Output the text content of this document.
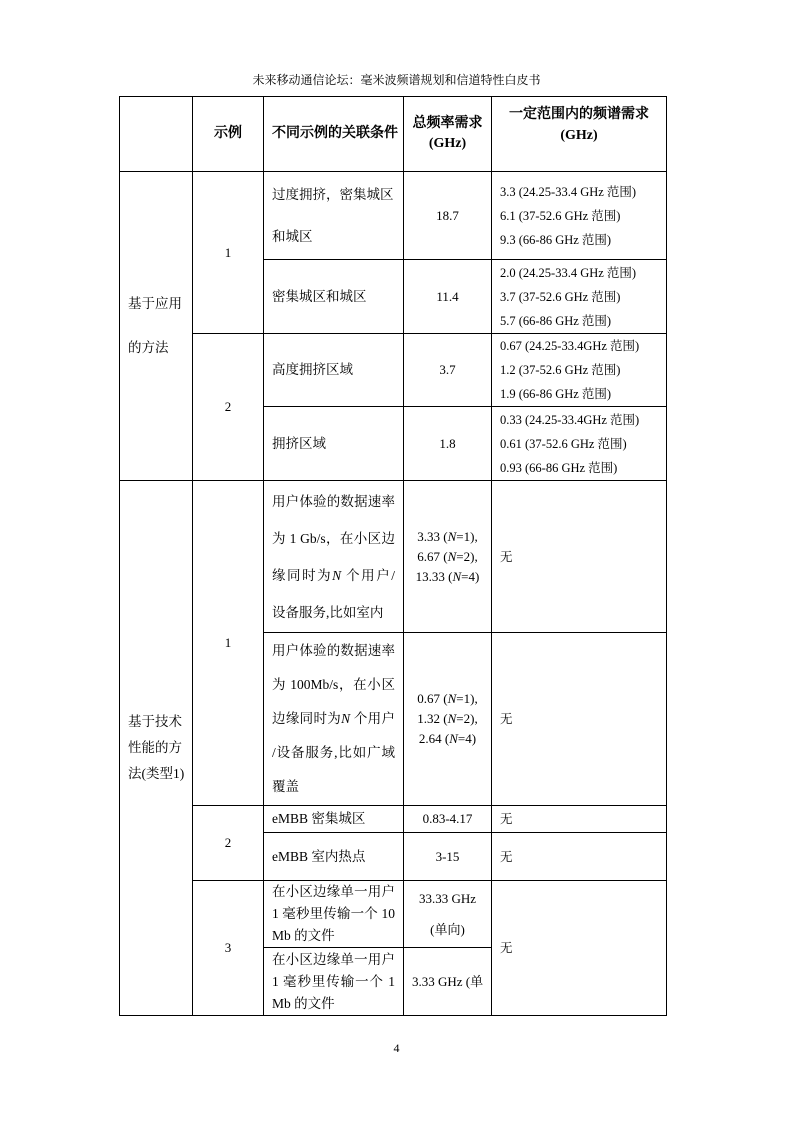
未来移动通信论坛：毫米波频谱规划和信道特性白皮书

	示例	不同示例的关联条件	总频率需求
(GHz)	一定范围内的频谱需求
(GHz)

基于应用
的方法	1	过度拥挤，密集城区
和城区	18.7	3.3 (24.25-33.4 GHz 范围)
6.1 (37-52.6 GHz 范围)
9.3 (66-86 GHz 范围)

		密集城区和城区	11.4	2.0 (24.25-33.4 GHz 范围)
3.7 (37-52.6 GHz 范围)
5.7 (66-86 GHz 范围)

	2	高度拥挤区域	3.7	0.67 (24.25-33.4GHz 范围)
1.2 (37-52.6 GHz 范围)
1.9 (66-86 GHz 范围)

		拥挤区域	1.8	0.33 (24.25-33.4GHz 范围)
0.61 (37-52.6 GHz 范围)
0.93 (66-86 GHz 范围)

基于技术
性能的方
法(类型1)	1	用户体验的数据速率
为 1 Gb/s，在小区边
缘同时为N 个用户/
设备服务,比如室内	3.33 (N=1),
6.67 (N=2),
13.33 (N=4)	无

		用户体验的数据速率
为 100Mb/s，在小区
边缘同时为N 个用户
/设备服务,比如广域
覆盖	0.67 (N=1),
1.32 (N=2),
2.64 (N=4)	无

	2	eMBB 密集城区	0.83-4.17	无

		eMBB 室内热点	3-15	无

	3	在小区边缘单一用户
1 毫秒里传输一个 10
Mb 的文件	33.33 GHz
(单向)	无

		在小区边缘单一用户
1 毫秒里传输一个 1
Mb 的文件	3.33 GHz (单	
4
